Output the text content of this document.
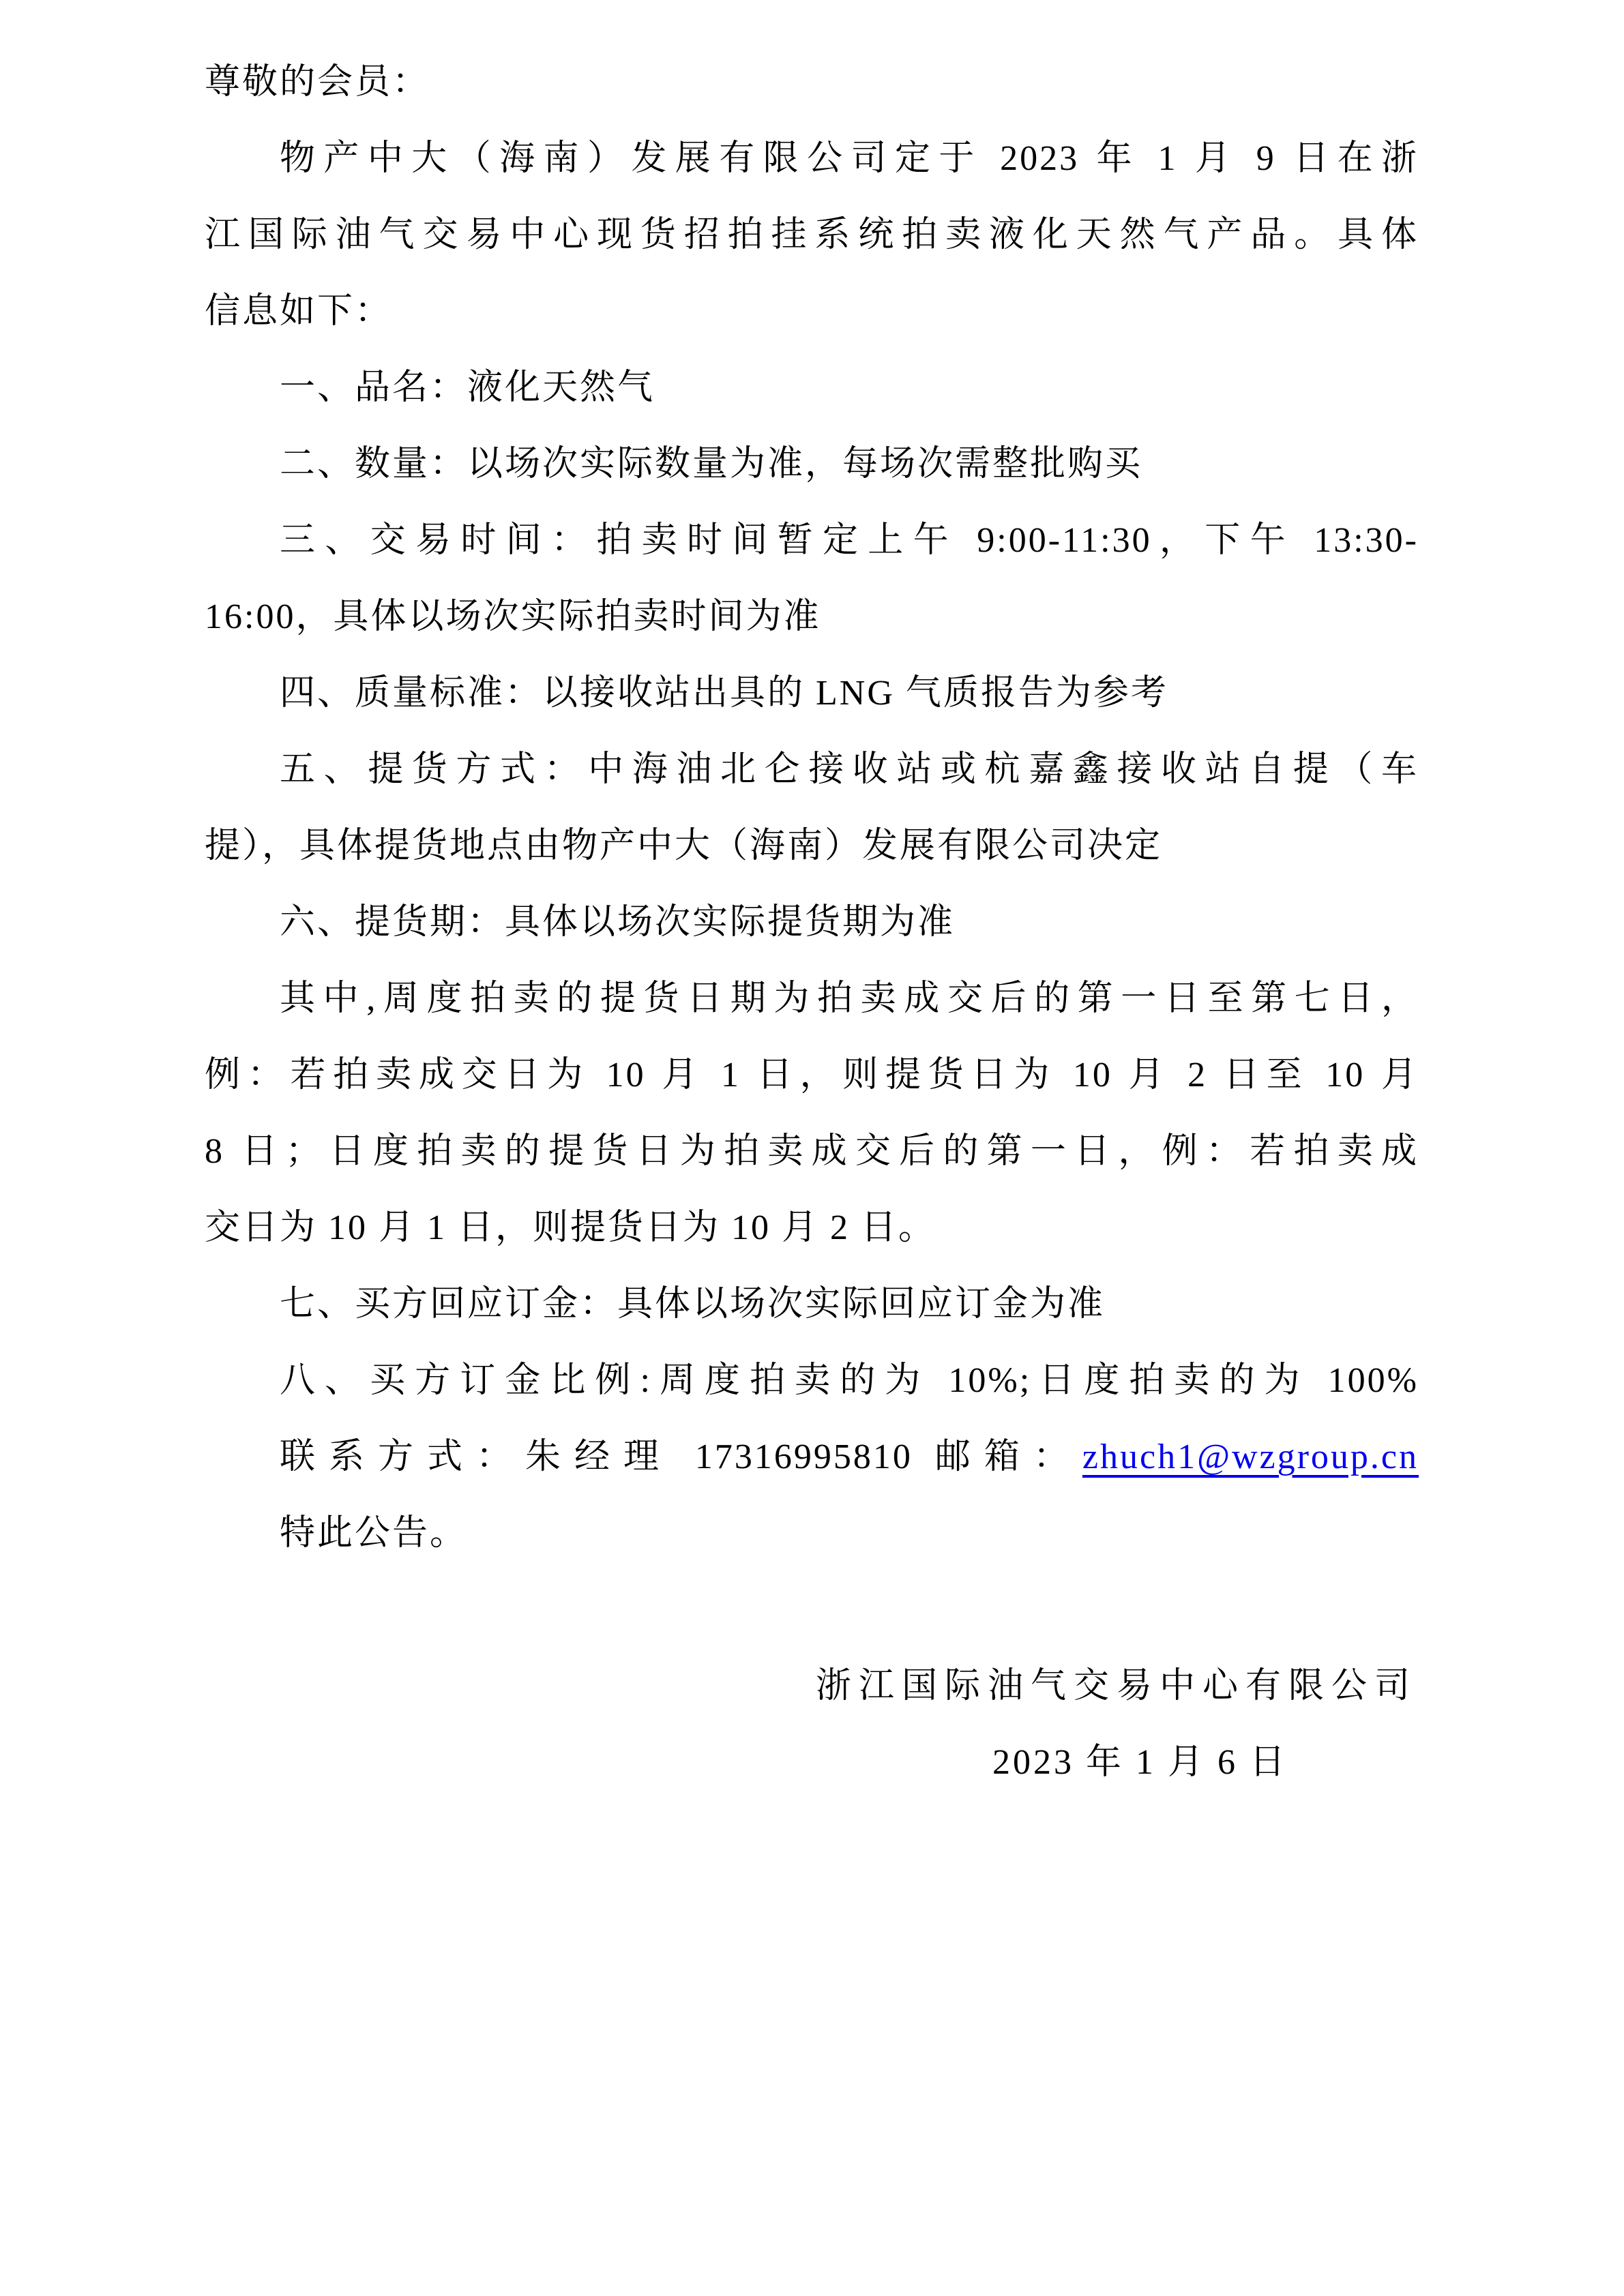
尊敬的会员：
物产中大（海南）发展有限公司定于 2023 年 1 月 9 日在浙
江国际油气交易中心现货招拍挂系统拍卖液化天然气产品。具体
信息如下：
一、品名：液化天然气
二、数量：以场次实际数量为准，每场次需整批购买
三、交易时间：拍卖时间暂定上午 9:00-11:30，下午 13:30-
16:00，具体以场次实际拍卖时间为准
四、质量标准：以接收站出具的 LNG 气质报告为参考
五、提货方式：中海油北仑接收站或杭嘉鑫接收站自提（车
提），具体提货地点由物产中大（海南）发展有限公司决定
六、提货期：具体以场次实际提货期为准
其中,周度拍卖的提货日期为拍卖成交后的第一日至第七日，
例：若拍卖成交日为 10 月 1 日，则提货日为 10 月 2 日至 10 月
8 日；日度拍卖的提货日为拍卖成交后的第一日，例：若拍卖成
交日为 10 月 1 日，则提货日为 10 月 2 日。
七、买方回应订金：具体以场次实际回应订金为准
八、买方订金比例:周度拍卖的为 10%;日度拍卖的为 100%
联系方式：朱经理 17316995810 邮箱：zhuch1@wzgroup.cn
特此公告。
浙江国际油气交易中心有限公司
2023 年 1 月 6 日
